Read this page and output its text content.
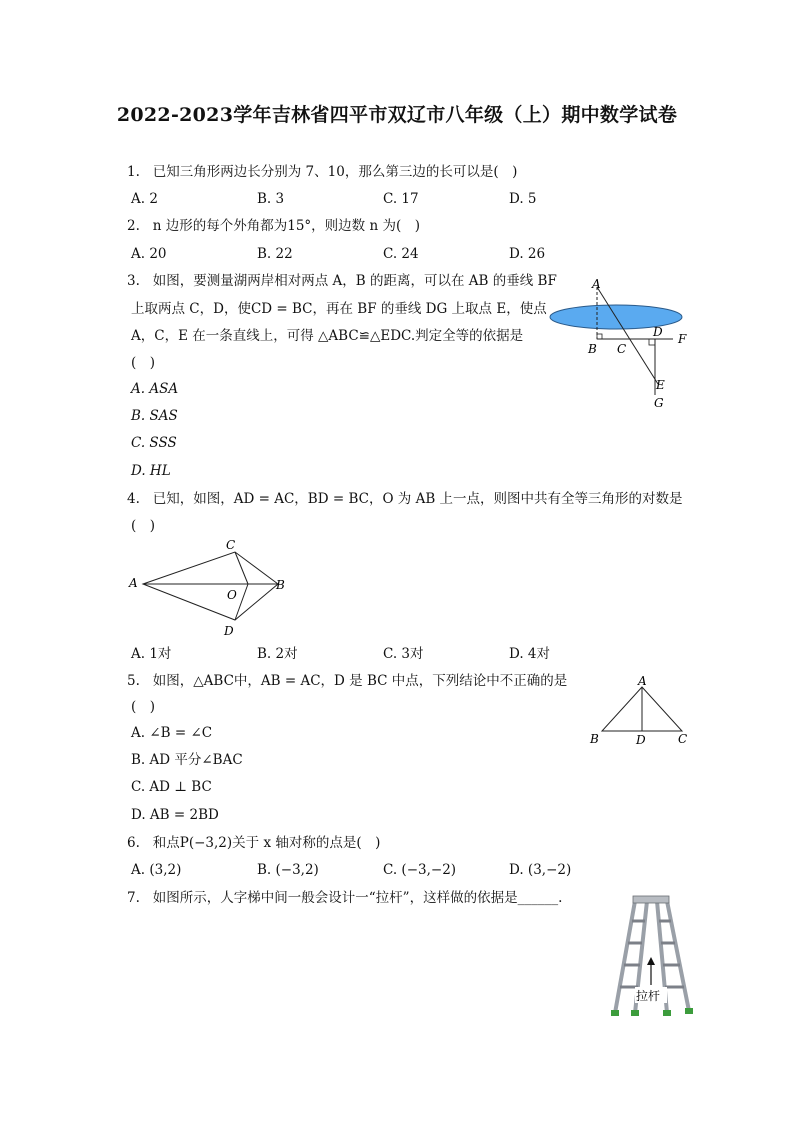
2022-2023学年吉林省四平市双辽市八年级（上）期中数学试卷
1. 已知三角形两边长分别为 7、10，那么第三边的长可以是( )
A. 2	B. 3	C. 17	D. 5
2. n 边形的每个外角都为15°，则边数 n 为( )
A. 20	B. 22	C. 24	D. 26
3. 如图，要测量湖两岸相对两点 A，B 的距离，可以在 AB 的垂线 BF
上取两点 C，D，使CD = BC，再在 BF 的垂线 DG 上取点 E，使点
A，C，E 在一条直线上，可得 △ABC≌△EDC.判定全等的依据是
( )
A. ASA
B. SAS
C. SSS
D. HL
A
B C
D F
E
G
4. 已知，如图，AD = AC，BD = BC，O 为 AB 上一点，则图中共有全等三角形的对数是
( )
A
C
B
O
D
A. 1对	B. 2对	C. 3对	D. 4对
5. 如图，△ABC中，AB = AC，D 是 BC 中点，下列结论中不正确的是
( )
A. ∠B = ∠C
B. AD 平分∠BAC
C. AD ⊥ BC
D. AB = 2BD
A
B	D	C
6. 和点P(−3,2)关于 x 轴对称的点是( )
A. (3,2)	B. (−3,2)	C. (−3,−2)	D. (3,−2)
7. 如图所示，人字梯中间一般会设计一“拉杆”，这样做的依据是______.
拉杆
